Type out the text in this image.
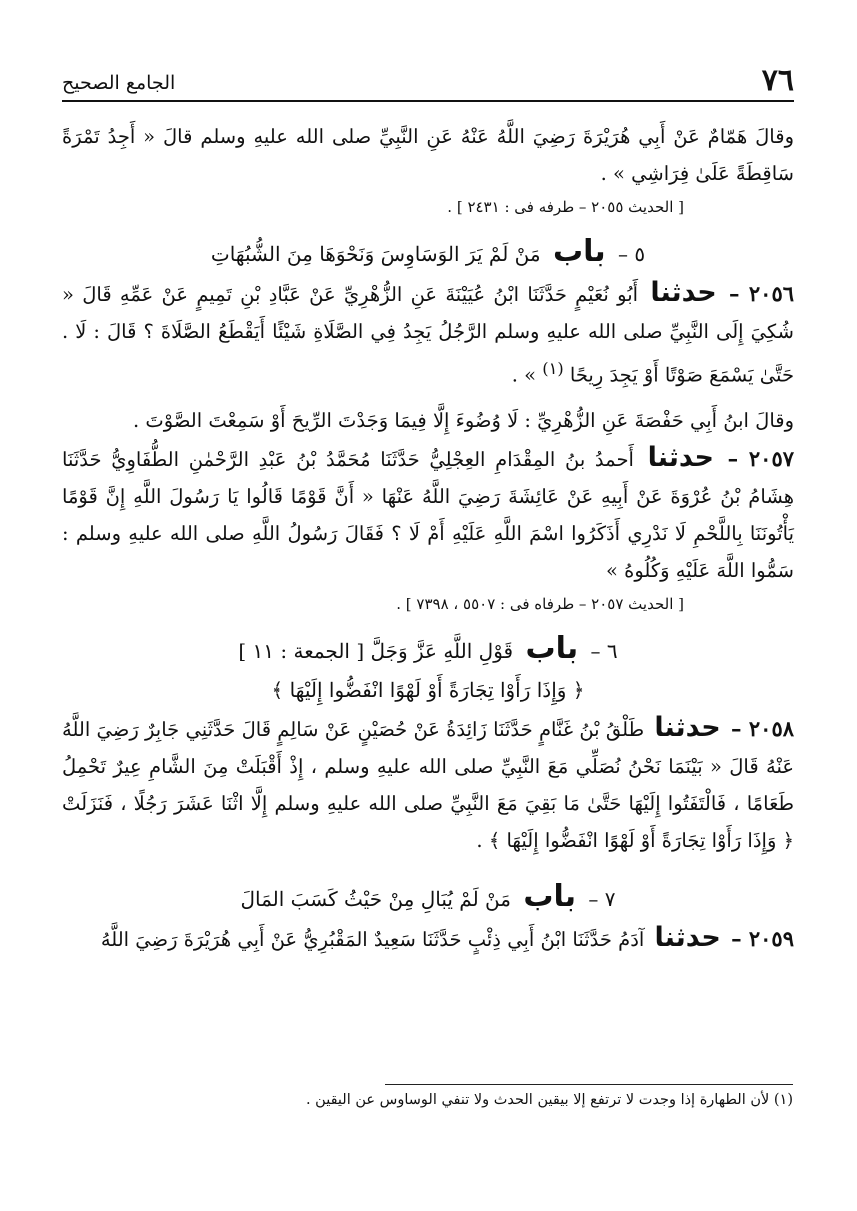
الجامع الصحيح	٧٦

وقالَ هَمّامٌ عَنْ أَبِي هُرَيْرَةَ رَضِيَ اللَّهُ عَنْهُ عَنِ النَّبِيِّ صلى الله عليهِ وسلم قالَ « أَجِدُ تَمْرَةً سَاقِطَةً عَلَىٰ فِرَاشِي » .

[ الحديث ٢٠٥٥ – طرفه فى : ٢٤٣١ ] .
٥ – باب مَنْ لَمْ يَرَ الوَسَاوِسَ وَنَحْوَهَا مِنَ الشُّبُهَاتِ

٢٠٥٦ – حدثنا أَبُو نُعَيْمٍ حَدَّثَنَا ابْنُ عُيَيْنَةَ عَنِ الزُّهْرِيِّ عَنْ عَبَّادِ بْنِ تَمِيمٍ عَنْ عَمِّهِ قَالَ « شُكِيَ إِلَى النَّبِيِّ صلى الله عليهِ وسلم الرَّجُلُ يَجِدُ فِي الصَّلَاةِ شَيْئًا أَيَقْطَعُ الصَّلَاةَ ؟ قَالَ : لَا . حَتَّىٰ يَسْمَعَ صَوْتًا أَوْ يَجِدَ رِيحًا $^{(١)}$ » .

وقالَ ابنُ أَبِي حَفْصَةَ عَنِ الزُّهْرِيِّ : لَا وُضُوءَ إِلَّا فِيمَا وَجَدْتَ الرِّيحَ أَوْ سَمِعْتَ الصَّوْتَ .

٢٠٥٧ – حدثنا أَحمدُ بنُ المِقْدَامِ العِجْلِيُّ حَدَّثَنَا مُحَمَّدُ بْنُ عَبْدِ الرَّحْمٰنِ الطُّفَاوِيُّ حَدَّثَنَا هِشَامُ بْنُ عُرْوَةَ عَنْ أَبِيهِ عَنْ عَائِشَةَ رَضِيَ اللَّهُ عَنْهَا « أَنَّ قَوْمًا قَالُوا يَا رَسُولَ اللَّهِ إِنَّ قَوْمًا يَأْتُونَنَا بِاللَّحْمِ لَا نَدْرِي أَذَكَرُوا اسْمَ اللَّهِ عَلَيْهِ أَمْ لَا ؟ فَقَالَ رَسُولُ اللَّهِ صلى الله عليهِ وسلم : سَمُّوا اللَّهَ عَلَيْهِ وَكُلُوهُ »

[ الحديث ٢٠٥٧ – طرفاه فى : ٥٥٠٧ ، ٧٣٩٨ ] .
٦ – باب قَوْلِ اللَّهِ عَزَّ وَجَلَّ [ الجمعة : ١١ ]
﴿ وَإِذَا رَأَوْا تِجَارَةً أَوْ لَهْوًا انْفَضُّوا إِلَيْهَا ﴾

٢٠٥٨ – حدثنا طَلْقُ بْنُ غَنَّامٍ حَدَّثَنَا زَائِدَةُ عَنْ حُصَيْنٍ عَنْ سَالِمٍ قَالَ حَدَّثَنِي جَابِرٌ رَضِيَ اللَّهُ عَنْهُ قَالَ « بَيْنَمَا نَحْنُ نُصَلِّي مَعَ النَّبِيِّ صلى الله عليهِ وسلم ، إِذْ أَقْبَلَتْ مِنَ الشَّامِ عِيرٌ تَحْمِلُ طَعَامًا ، فَالْتَفَتُوا إِلَيْهَا حَتَّىٰ مَا بَقِيَ مَعَ النَّبِيِّ صلى الله عليهِ وسلم إِلَّا اثْنَا عَشَرَ رَجُلًا ، فَنَزَلَتْ ﴿ وَإِذَا رَأَوْا تِجَارَةً أَوْ لَهْوًا انْفَضُّوا إِلَيْهَا ﴾ .

٧ – باب مَنْ لَمْ يُبَالِ مِنْ حَيْثُ كَسَبَ المَالَ

٢٠٥٩ – حدثنا آدَمُ حَدَّثَنَا ابْنُ أَبِي ذِئْبٍ حَدَّثَنَا سَعِيدٌ المَقْبُرِيُّ عَنْ أَبِي هُرَيْرَةَ رَضِيَ اللَّهُ

(١) لأن الطهارة إذا وجدت لا ترتفع إلا بيقين الحدث ولا تنفي الوساوس عن اليقين .
